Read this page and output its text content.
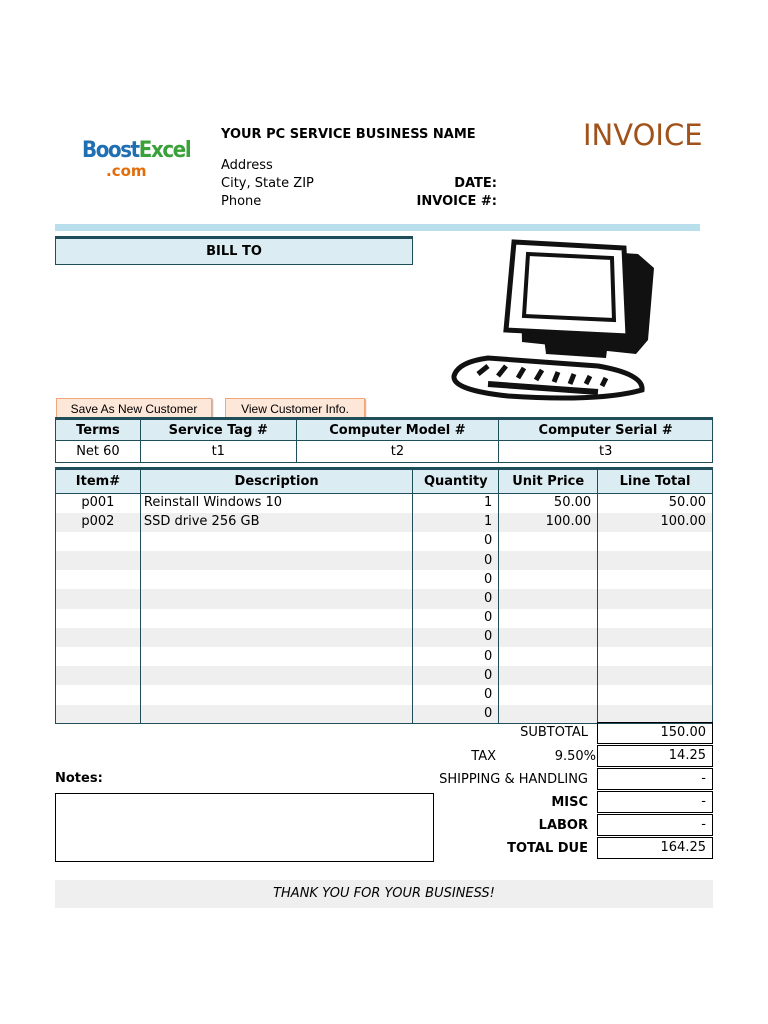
BoostExcel
.com
YOUR PC SERVICE BUSINESS NAME
Address
City, State ZIP
Phone
INVOICE
DATE:
INVOICE #:
BILL TO
Save As New Customer	View Customer Info.
Terms	Service Tag #	Computer Model #	Computer Serial #
Net 60	t1	t2	t3
Item#	Description	Quantity	Unit Price	Line Total
p001	Reinstall Windows 10	1	50.00	50.00
p002	SSD drive 256 GB	1	100.00	100.00
		0		
		0		
		0		
		0		
		0		
		0		
		0		
		0		
		0		
		0		
SUBTOTAL	150.00
TAX	9.50%	14.25
SHIPPING & HANDLING	-
MISC	-
LABOR	-
TOTAL DUE	164.25
Notes:
THANK YOU FOR YOUR BUSINESS!
